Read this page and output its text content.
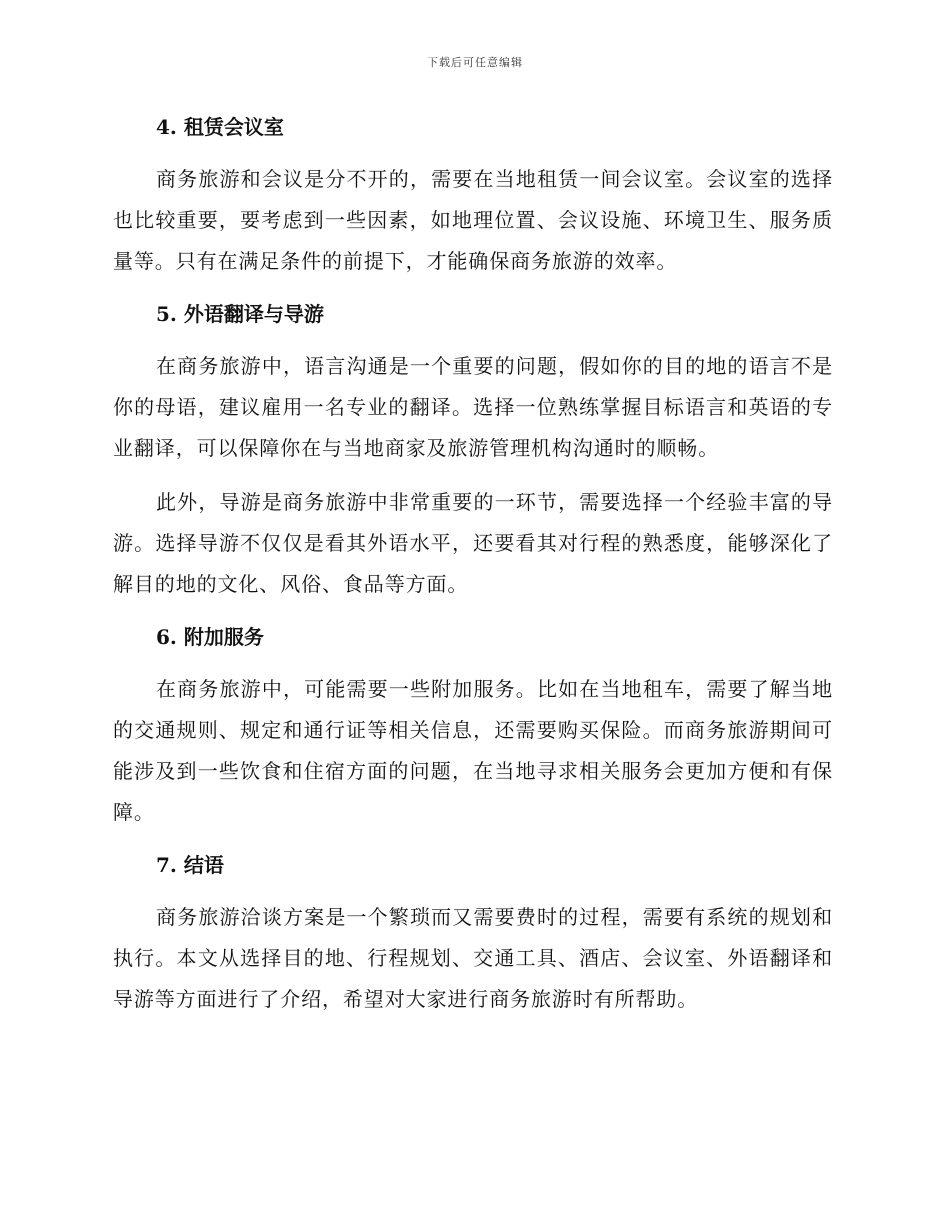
下载后可任意编辑
4. 租赁会议室

商务旅游和会议是分不开的，需要在当地租赁一间会议室。会议室的选择也比较重要，要考虑到一些因素，如地理位置、会议设施、环境卫生、服务质量等。只有在满足条件的前提下，才能确保商务旅游的效率。

5. 外语翻译与导游

在商务旅游中，语言沟通是一个重要的问题，假如你的目的地的语言不是你的母语，建议雇用一名专业的翻译。选择一位熟练掌握目标语言和英语的专业翻译，可以保障你在与当地商家及旅游管理机构沟通时的顺畅。

此外，导游是商务旅游中非常重要的一环节，需要选择一个经验丰富的导游。选择导游不仅仅是看其外语水平，还要看其对行程的熟悉度，能够深化了解目的地的文化、风俗、食品等方面。

6. 附加服务

在商务旅游中，可能需要一些附加服务。比如在当地租车，需要了解当地的交通规则、规定和通行证等相关信息，还需要购买保险。而商务旅游期间可能涉及到一些饮食和住宿方面的问题，在当地寻求相关服务会更加方便和有保障。

7. 结语

商务旅游洽谈方案是一个繁琐而又需要费时的过程，需要有系统的规划和执行。本文从选择目的地、行程规划、交通工具、酒店、会议室、外语翻译和导游等方面进行了介绍，希望对大家进行商务旅游时有所帮助。
